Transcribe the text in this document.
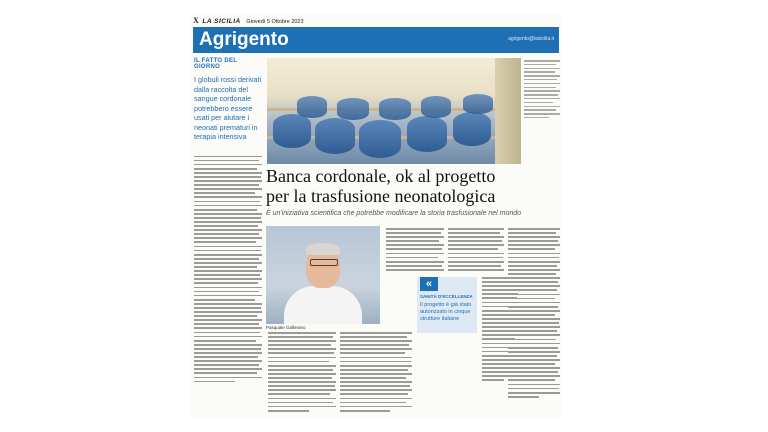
X LA SICILIA Giovedì 5 Ottobre 2023
Agrigento	agrigento@lasicilia.it
IL FATTO DEL GIORNO
I globuli rossi derivati dalla raccolta del sangue cordonale potrebbero essere usati per aiutare i neonati prematuri in terapia intensiva
Banca cordonale, ok al progetto
per la trasfusione neonatologica
È un'iniziativa scientifica che potrebbe modificare la storia trasfusionale nel mondo
Pasquale Gallerano
«
SANITÀ D'ECCELLENZA
Il progetto è già stato autorizzato in cinque strutture italiane
